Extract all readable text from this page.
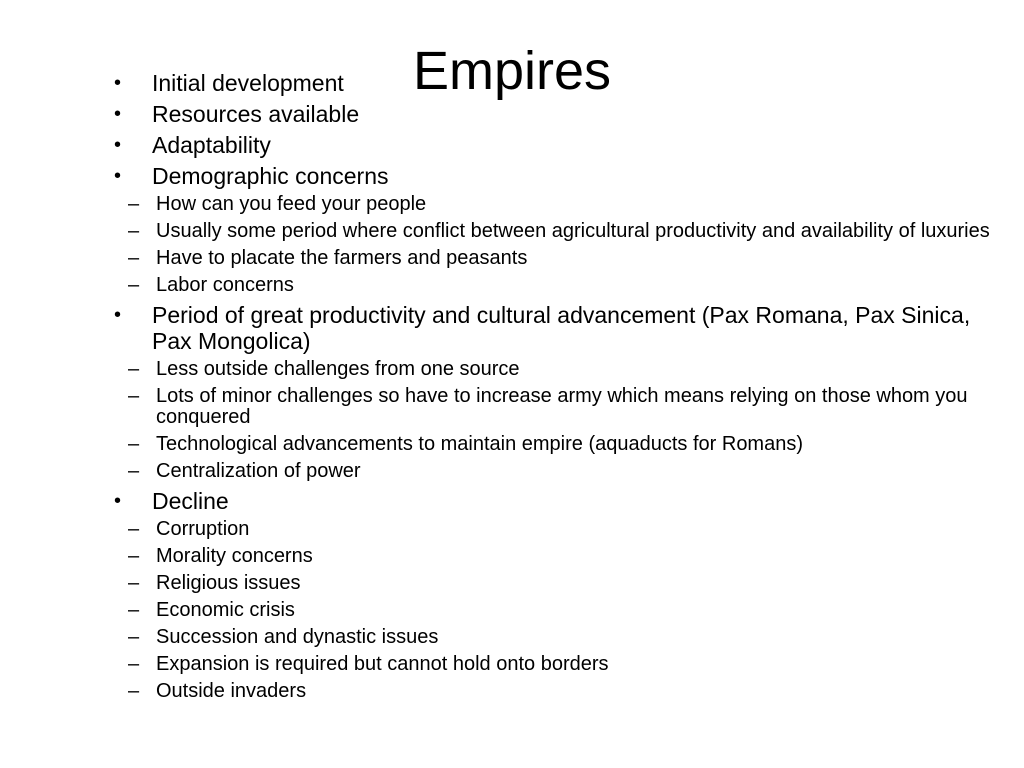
Empires
• Initial development
• Resources available
• Adaptability
• Demographic concerns
– How can you feed your people
– Usually some period where conflict between agricultural productivity and availability of luxuries
– Have to placate the farmers and peasants
– Labor concerns
• Period of great productivity and cultural advancement (Pax Romana, Pax Sinica, Pax Mongolica)
– Less outside challenges from one source
– Lots of minor challenges so have to increase army which means relying on those whom you conquered
– Technological advancements to maintain empire (aquaducts for Romans)
– Centralization of power
• Decline
– Corruption
– Morality concerns
– Religious issues
– Economic crisis
– Succession and dynastic issues
– Expansion is required but cannot hold onto borders
– Outside invaders
